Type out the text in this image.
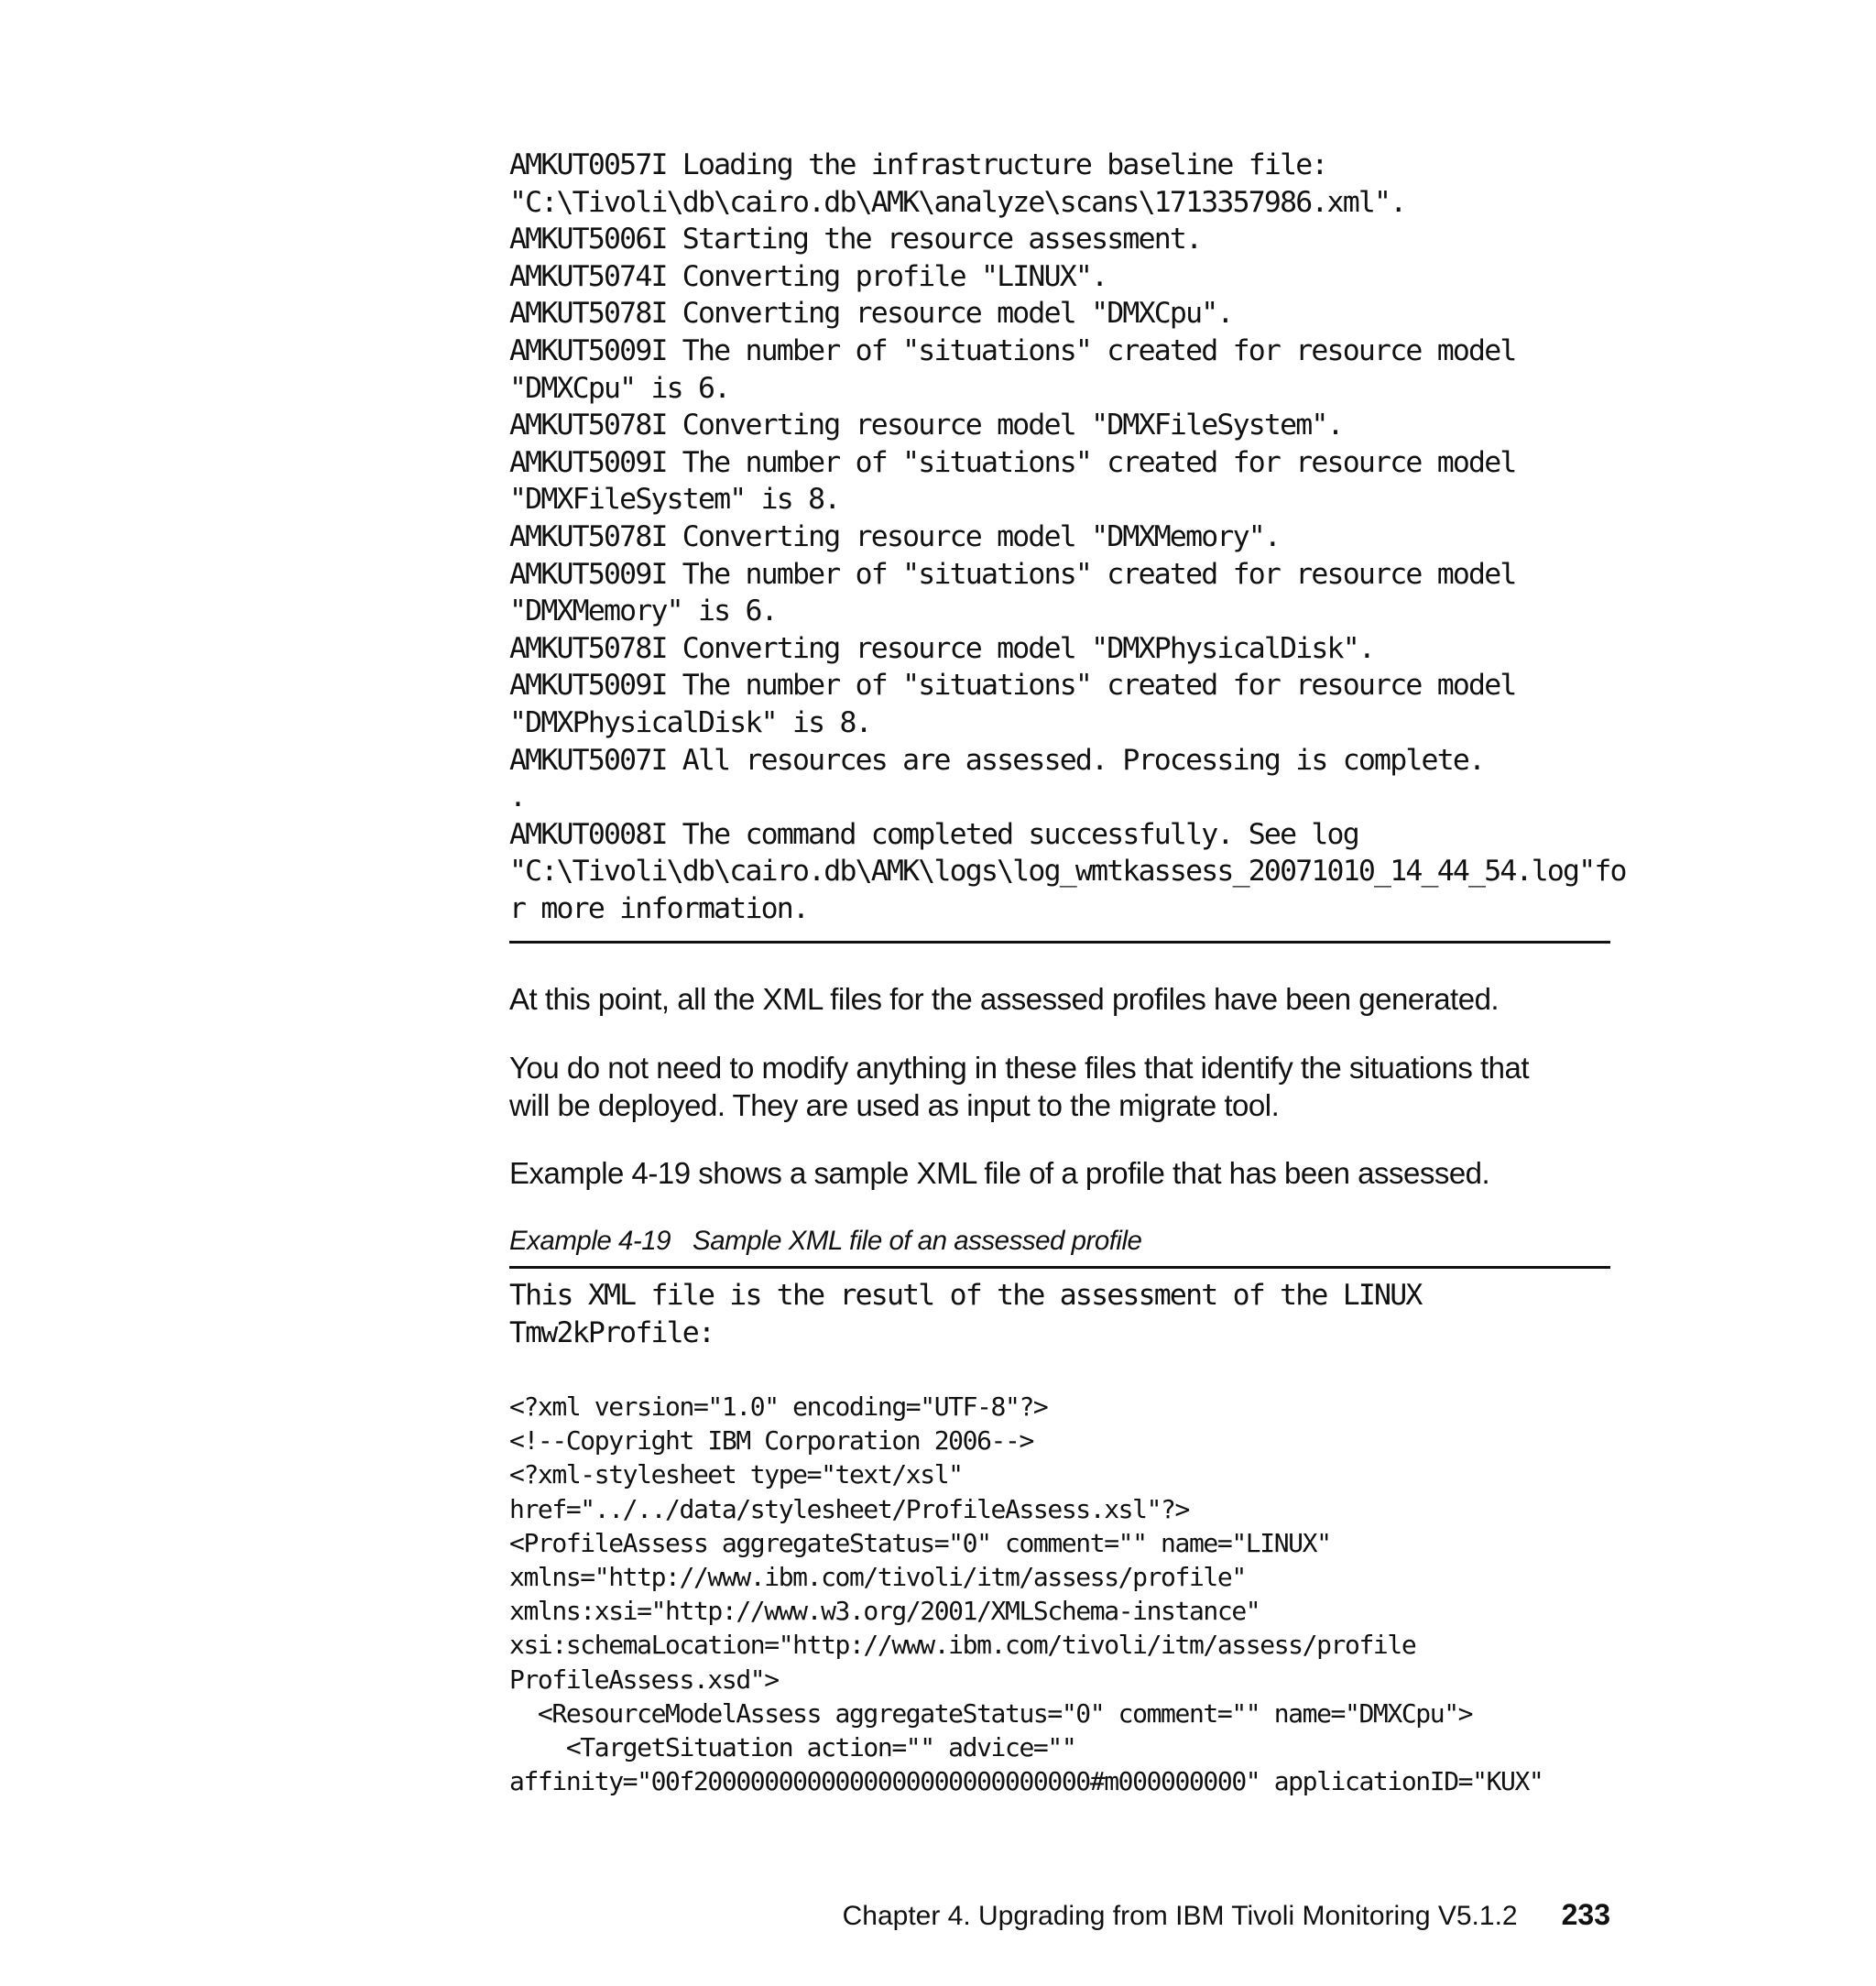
AMKUT0057I Loading the infrastructure baseline file:
"C:\Tivoli\db\cairo.db\AMK\analyze\scans\1713357986.xml".
AMKUT5006I Starting the resource assessment.
AMKUT5074I Converting profile "LINUX".
AMKUT5078I Converting resource model "DMXCpu".
AMKUT5009I The number of "situations" created for resource model
"DMXCpu" is 6.
AMKUT5078I Converting resource model "DMXFileSystem".
AMKUT5009I The number of "situations" created for resource model
"DMXFileSystem" is 8.
AMKUT5078I Converting resource model "DMXMemory".
AMKUT5009I The number of "situations" created for resource model
"DMXMemory" is 6.
AMKUT5078I Converting resource model "DMXPhysicalDisk".
AMKUT5009I The number of "situations" created for resource model
"DMXPhysicalDisk" is 8.
AMKUT5007I All resources are assessed. Processing is complete.
.
AMKUT0008I The command completed successfully. See log
"C:\Tivoli\db\cairo.db\AMK\logs\log_wmtkassess_20071010_14_44_54.log"fo
r more information.

At this point, all the XML files for the assessed profiles have been generated.

You do not need to modify anything in these files that identify the situations that
will be deployed. They are used as input to the migrate tool.

Example 4-19 shows a sample XML file of a profile that has been assessed.

Example 4-19 Sample XML file of an assessed profile

This XML file is the resutl of the assessment of the LINUX
Tmw2kProfile:
<?xml version="1.0" encoding="UTF-8"?>
<!--Copyright IBM Corporation 2006-->
<?xml-stylesheet type="text/xsl"
href="../../data/stylesheet/ProfileAssess.xsl"?>
<ProfileAssess aggregateStatus="0" comment="" name="LINUX"
xmlns="http://www.ibm.com/tivoli/itm/assess/profile"
xmlns:xsi="http://www.w3.org/2001/XMLSchema-instance"
xsi:schemaLocation="http://www.ibm.com/tivoli/itm/assess/profile
ProfileAssess.xsd">
<ResourceModelAssess aggregateStatus="0" comment="" name="DMXCpu">
<TargetSituation action="" advice=""
affinity="00f2000000000000000000000000000#m000000000" applicationID="KUX"
Chapter 4. Upgrading from IBM Tivoli Monitoring V5.1.2 233
